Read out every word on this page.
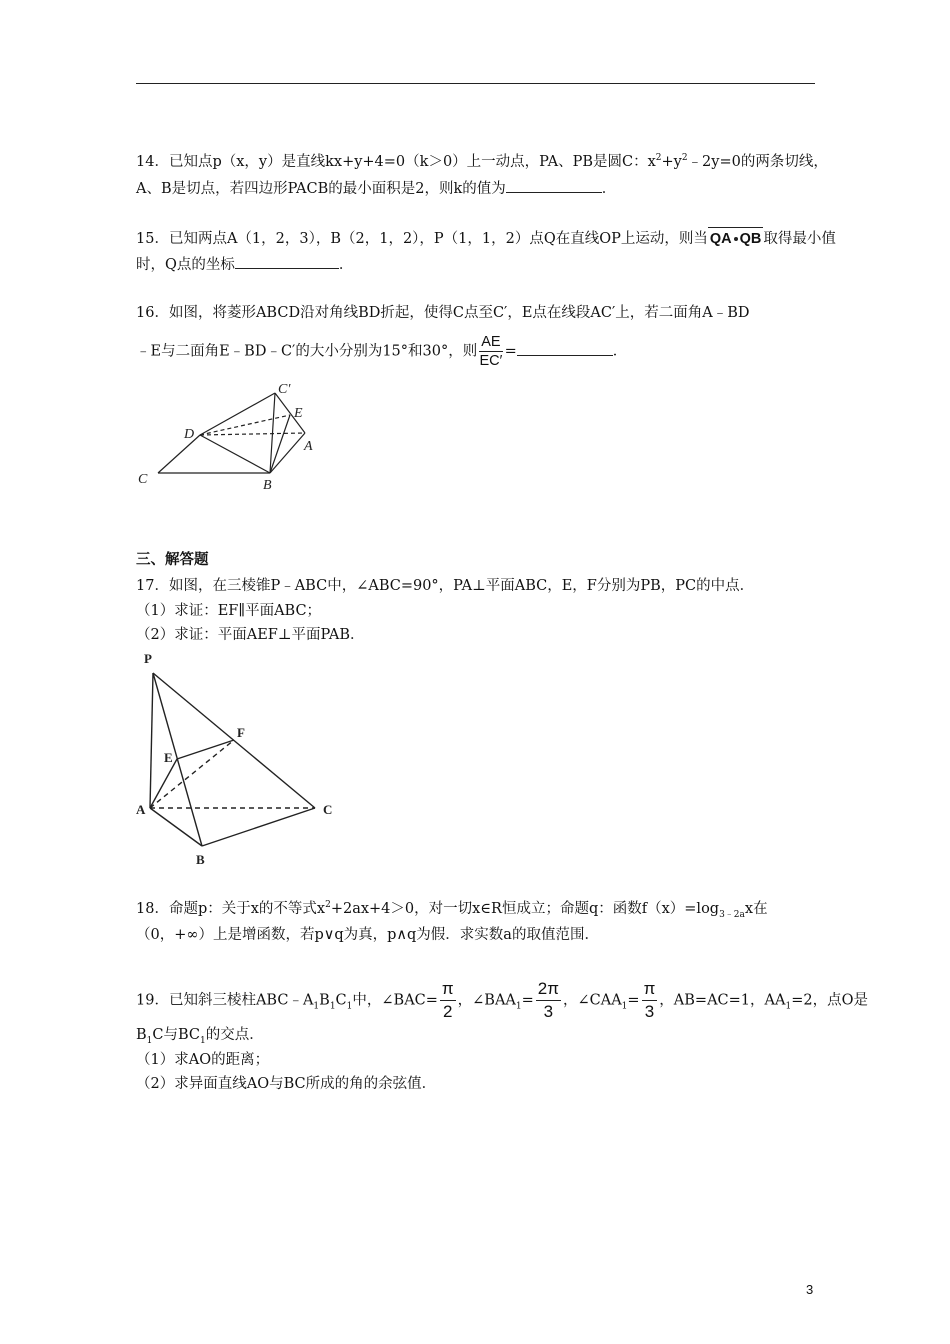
14．已知点p（x，y）是直线kx+y+4=0（k＞0）上一动点，PA、PB是圆C：$x^2+y^2﹣2y=0$的两条切线，
A、B是切点，若四边形PACB的最小面积是2，则k的值为	．
15．已知两点A（1，2，3），B（2，1，2），P（1，1，2）点Q在直线OP上运动，则当 QA QB 取得最小值
时，Q点的坐标	．
16．如图，将菱形ABCD沿对角线BD折起，使得C点至C′，E点在线段AC′上，若二面角A﹣BD
﹣E与二面角E﹣BD﹣C′的大小分别为15°和30°，则 $\frac{AE}{EC'}$ =	．
C′
E
D
A
C	B
三、解答题
17．如图，在三棱锥P﹣ABC中，∠ABC=90°，PA⊥平面ABC，E，F分别为PB，PC的中点．
（1）求证：EF∥平面ABC；
（2）求证：平面AEF⊥平面PAB．
P
F
E
A	C
B
18．命题p：关于x的不等式$x^2+2ax+4>0$，对一切x∈R恒成立；命题q：函数$f(x)=\log_{3﹣2a}x$在
（0，+∞）上是增函数，若p∨q为真，p∧q为假．求实数a的取值范围．
19．已知斜三棱柱$ABC﹣A_1B_1C_1$中，∠BAC= $\frac{\pi}{2}$ ，$\angle BAA_1= \frac{2\pi}{3}$ ，$\angle CAA_1= \frac{\pi}{3}$ ，AB=AC=1，$AA_1=2$，点O是
$B_1C$与$BC_1$的交点．
（1）求AO的距离；
（2）求异面直线AO与BC所成的角的余弦值．
3
